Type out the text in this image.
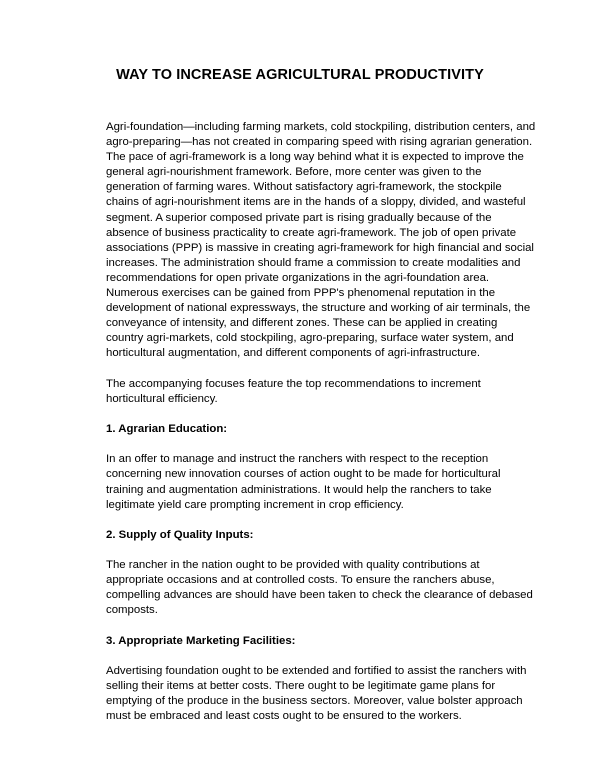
WAY TO INCREASE AGRICULTURAL PRODUCTIVITY

Agri-foundation—including farming markets, cold stockpiling, distribution centers, and agro-preparing—has not created in comparing speed with rising agrarian generation. The pace of agri-framework is a long way behind what it is expected to improve the general agri-nourishment framework. Before, more center was given to the generation of farming wares. Without satisfactory agri-framework, the stockpile chains of agri-nourishment items are in the hands of a sloppy, divided, and wasteful segment. A superior composed private part is rising gradually because of the absence of business practicality to create agri-framework. The job of open private associations (PPP) is massive in creating agri-framework for high financial and social increases. The administration should frame a commission to create modalities and recommendations for open private organizations in the agri-foundation area. Numerous exercises can be gained from PPP's phenomenal reputation in the development of national expressways, the structure and working of air terminals, the conveyance of intensity, and different zones. These can be applied in creating country agri-markets, cold stockpiling, agro-preparing, surface water system, and horticultural augmentation, and different components of agri-infrastructure.

The accompanying focuses feature the top recommendations to increment horticultural efficiency.

1. Agrarian Education:

In an offer to manage and instruct the ranchers with respect to the reception concerning new innovation courses of action ought to be made for horticultural training and augmentation administrations. It would help the ranchers to take legitimate yield care prompting increment in crop efficiency.

2. Supply of Quality Inputs:

The rancher in the nation ought to be provided with quality contributions at appropriate occasions and at controlled costs. To ensure the ranchers abuse, compelling advances are should have been taken to check the clearance of debased composts.

3. Appropriate Marketing Facilities:

Advertising foundation ought to be extended and fortified to assist the ranchers with selling their items at better costs. There ought to be legitimate game plans for emptying of the produce in the business sectors. Moreover, value bolster approach must be embraced and least costs ought to be ensured to the workers.
